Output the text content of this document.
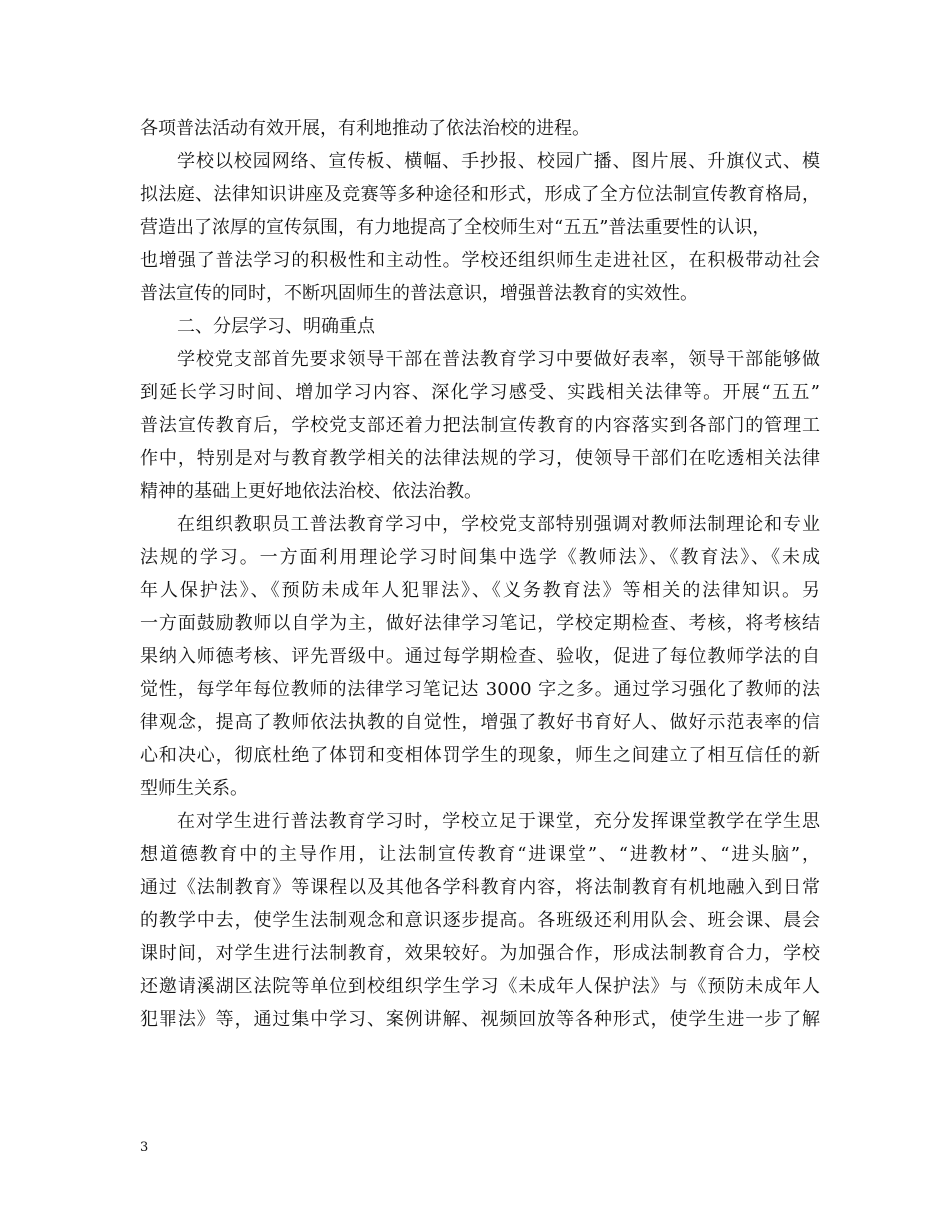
各项普法活动有效开展，有利地推动了依法治校的进程。
学校以校园网络、宣传板、横幅、手抄报、校园广播、图片展、升旗仪式、模
拟法庭、法律知识讲座及竞赛等多种途径和形式，形成了全方位法制宣传教育格局，
营造出了浓厚的宣传氛围，有力地提高了全校师生对“五五”普法重要性的认识，
也增强了普法学习的积极性和主动性。学校还组织师生走进社区，在积极带动社会
普法宣传的同时，不断巩固师生的普法意识，增强普法教育的实效性。
二、分层学习、明确重点
学校党支部首先要求领导干部在普法教育学习中要做好表率，领导干部能够做
到延长学习时间、增加学习内容、深化学习感受、实践相关法律等。开展“五五”
普法宣传教育后，学校党支部还着力把法制宣传教育的内容落实到各部门的管理工
作中，特别是对与教育教学相关的法律法规的学习，使领导干部们在吃透相关法律
精神的基础上更好地依法治校、依法治教。
在组织教职员工普法教育学习中，学校党支部特别强调对教师法制理论和专业
法规的学习。一方面利用理论学习时间集中选学《教师法》、《教育法》、《未成
年人保护法》、《预防未成年人犯罪法》、《义务教育法》等相关的法律知识。另
一方面鼓励教师以自学为主，做好法律学习笔记，学校定期检查、考核，将考核结
果纳入师德考核、评先晋级中。通过每学期检查、验收，促进了每位教师学法的自
觉性，每学年每位教师的法律学习笔记达 3000 字之多。通过学习强化了教师的法
律观念，提高了教师依法执教的自觉性，增强了教好书育好人、做好示范表率的信
心和决心，彻底杜绝了体罚和变相体罚学生的现象，师生之间建立了相互信任的新
型师生关系。
在对学生进行普法教育学习时，学校立足于课堂，充分发挥课堂教学在学生思
想道德教育中的主导作用，让法制宣传教育“进课堂”、“进教材”、“进头脑”，
通过《法制教育》等课程以及其他各学科教育内容，将法制教育有机地融入到日常
的教学中去，使学生法制观念和意识逐步提高。各班级还利用队会、班会课、晨会
课时间，对学生进行法制教育，效果较好。为加强合作，形成法制教育合力，学校
还邀请溪湖区法院等单位到校组织学生学习《未成年人保护法》与《预防未成年人
犯罪法》等，通过集中学习、案例讲解、视频回放等各种形式，使学生进一步了解
3
